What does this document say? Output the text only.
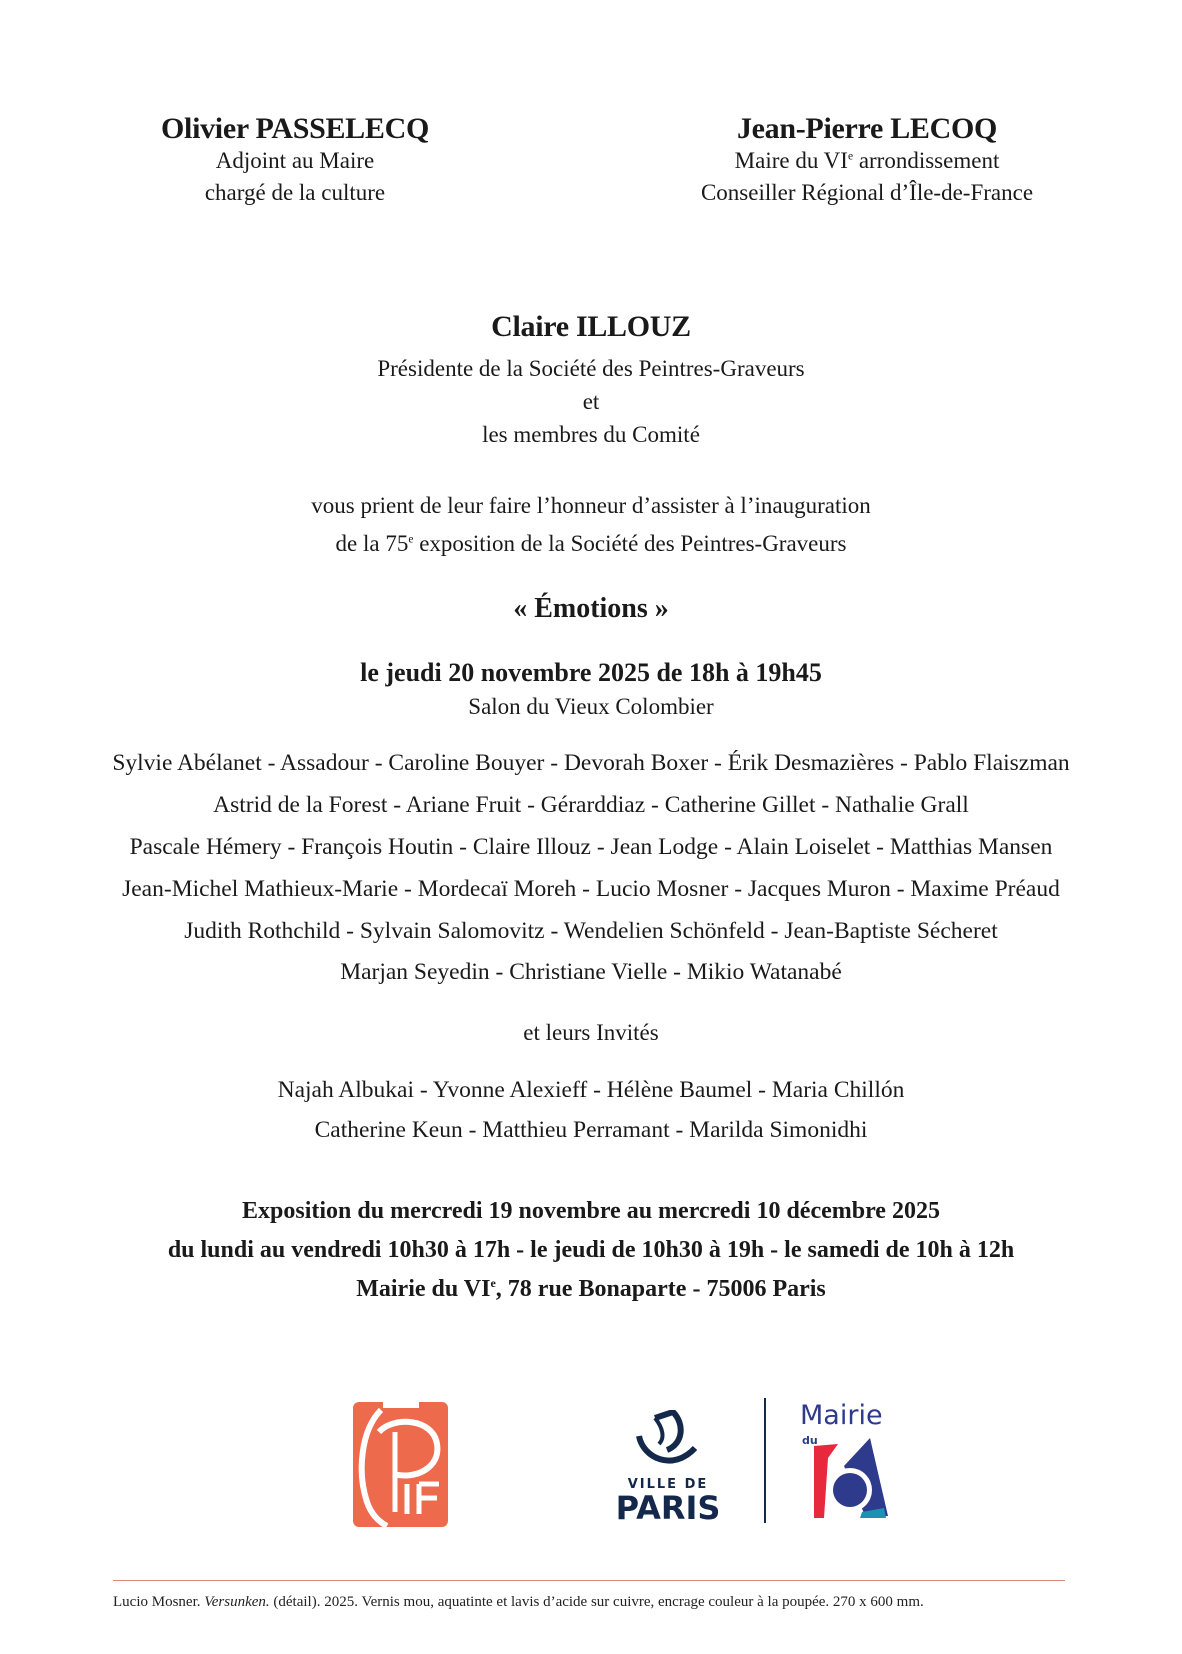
Olivier PASSELECQ
Adjoint au Maire
chargé de la culture
Jean-Pierre LECOQ
Maire du VIe arrondissement
Conseiller Régional d’Île-de-France
Claire ILLOUZ
Présidente de la Société des Peintres-Graveurs
et
les membres du Comité
vous prient de leur faire l’honneur d’assister à l’inauguration
de la 75e exposition de la Société des Peintres-Graveurs
« Émotions »
le jeudi 20 novembre 2025 de 18h à 19h45
Salon du Vieux Colombier
Sylvie Abélanet - Assadour - Caroline Bouyer - Devorah Boxer - Érik Desmazières - Pablo Flaiszman
Astrid de la Forest - Ariane Fruit - Gérarddiaz - Catherine Gillet - Nathalie Grall
Pascale Hémery - François Houtin - Claire Illouz - Jean Lodge - Alain Loiselet - Matthias Mansen
Jean-Michel Mathieux-Marie - Mordecaï Moreh - Lucio Mosner - Jacques Muron - Maxime Préaud
Judith Rothchild - Sylvain Salomovitz - Wendelien Schönfeld - Jean-Baptiste Sécheret
Marjan Seyedin - Christiane Vielle - Mikio Watanabé
et leurs Invités
Najah Albukai - Yvonne Alexieff - Hélène Baumel - Maria Chillón
Catherine Keun - Matthieu Perramant - Marilda Simonidhi
Exposition du mercredi 19 novembre au mercredi 10 décembre 2025
du lundi au vendredi 10h30 à 17h - le jeudi de 10h30 à 19h - le samedi de 10h à 12h
Mairie du VIe, 78 rue Bonaparte - 75006 Paris
VILLE DE
PARIS
Mairie
du
Lucio Mosner. Versunken. (détail). 2025. Vernis mou, aquatinte et lavis d’acide sur cuivre, encrage couleur à la poupée. 270 x 600 mm.
